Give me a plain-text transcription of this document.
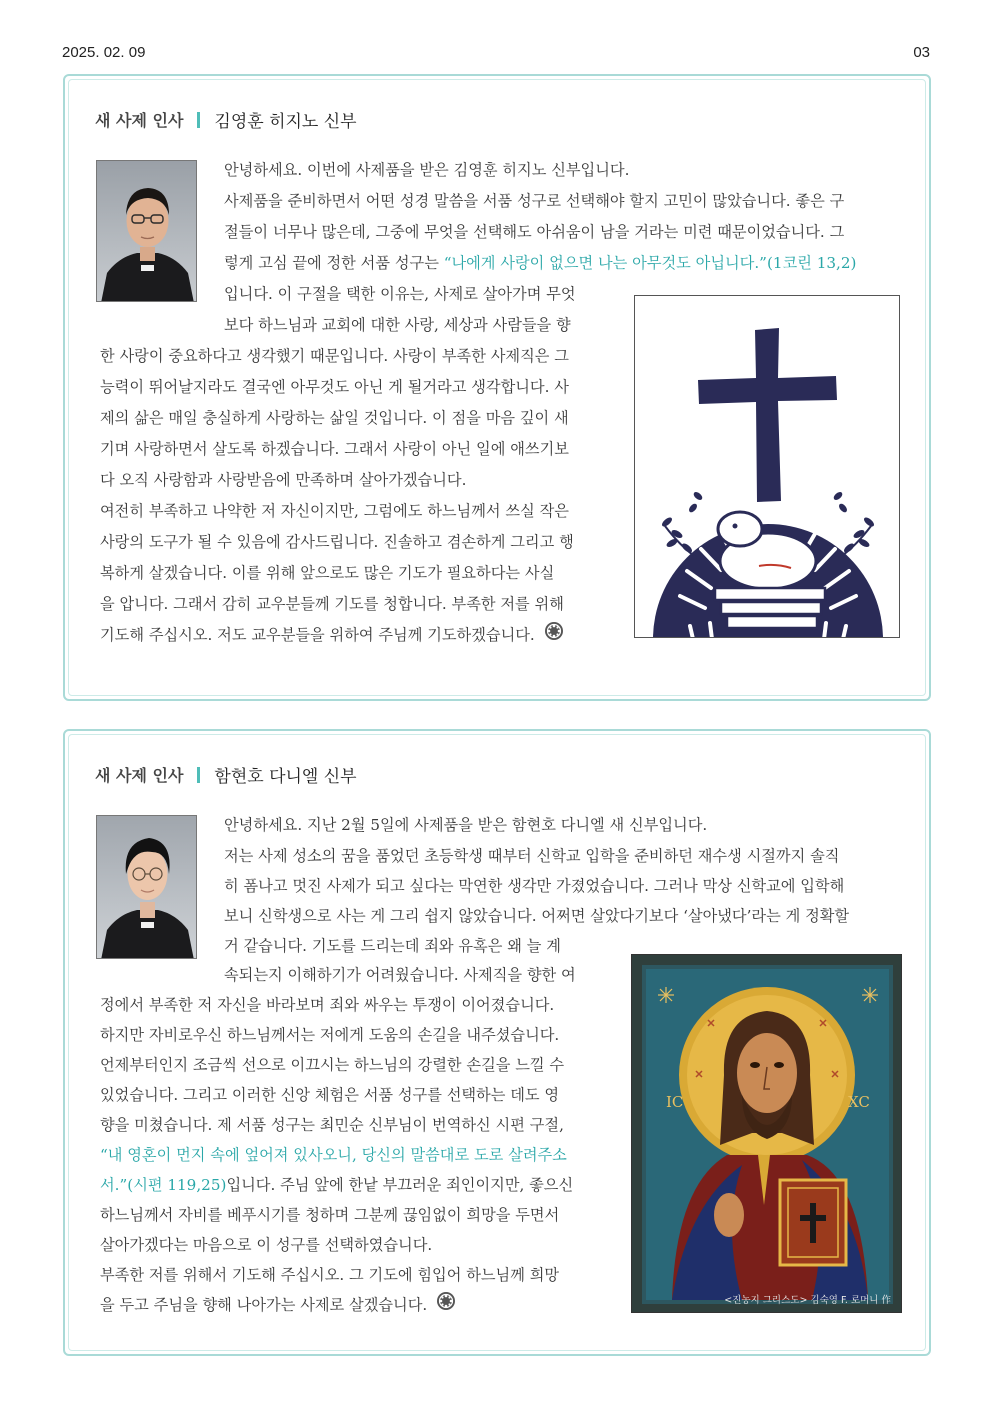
2025. 02. 09	03
새 사제 인사 김영훈 히지노 신부
안녕하세요. 이번에 사제품을 받은 김영훈 히지노 신부입니다.
사제품을 준비하면서 어떤 성경 말씀을 서품 성구로 선택해야 할지 고민이 많았습니다. 좋은 구
절들이 너무나 많은데, 그중에 무엇을 선택해도 아쉬움이 남을 거라는 미련 때문이었습니다. 그
렇게 고심 끝에 정한 서품 성구는 “나에게 사랑이 없으면 나는 아무것도 아닙니다.”(1코린 13,2)
입니다. 이 구절을 택한 이유는, 사제로 살아가며 무엇
보다 하느님과 교회에 대한 사랑, 세상과 사람들을 향
한 사랑이 중요하다고 생각했기 때문입니다. 사랑이 부족한 사제직은 그
능력이 뛰어날지라도 결국엔 아무것도 아닌 게 될거라고 생각합니다. 사
제의 삶은 매일 충실하게 사랑하는 삶일 것입니다. 이 점을 마음 깊이 새
기며 사랑하면서 살도록 하겠습니다. 그래서 사랑이 아닌 일에 애쓰기보
다 오직 사랑함과 사랑받음에 만족하며 살아가겠습니다.
여전히 부족하고 나약한 저 자신이지만, 그럼에도 하느님께서 쓰실 작은
사랑의 도구가 될 수 있음에 감사드립니다. 진솔하고 겸손하게 그리고 행
복하게 살겠습니다. 이를 위해 앞으로도 많은 기도가 필요하다는 사실
을 압니다. 그래서 감히 교우분들께 기도를 청합니다. 부족한 저를 위해
기도해 주십시오. 저도 교우분들을 위하여 주님께 기도하겠습니다.
새 사제 인사 함현호 다니엘 신부
IC	XC
<진농지 그리스도> 김숙영 F. 로머니 作
안녕하세요. 지난 2월 5일에 사제품을 받은 함현호 다니엘 새 신부입니다.
저는 사제 성소의 꿈을 품었던 초등학생 때부터 신학교 입학을 준비하던 재수생 시절까지 솔직
히 폼나고 멋진 사제가 되고 싶다는 막연한 생각만 가졌었습니다. 그러나 막상 신학교에 입학해
보니 신학생으로 사는 게 그리 쉽지 않았습니다. 어쩌면 살았다기보다 ‘살아냈다’라는 게 정확할
거 같습니다. 기도를 드리는데 죄와 유혹은 왜 늘 계
속되는지 이해하기가 어려웠습니다. 사제직을 향한 여
정에서 부족한 저 자신을 바라보며 죄와 싸우는 투쟁이 이어졌습니다.
하지만 자비로우신 하느님께서는 저에게 도움의 손길을 내주셨습니다.
언제부터인지 조금씩 선으로 이끄시는 하느님의 강렬한 손길을 느낄 수
있었습니다. 그리고 이러한 신앙 체험은 서품 성구를 선택하는 데도 영
향을 미쳤습니다. 제 서품 성구는 최민순 신부님이 번역하신 시편 구절,
“내 영혼이 먼지 속에 엎어져 있사오니, 당신의 말씀대로 도로 살려주소
서.”(시편 119,25)입니다. 주님 앞에 한낱 부끄러운 죄인이지만, 좋으신
하느님께서 자비를 베푸시기를 청하며 그분께 끊임없이 희망을 두면서
살아가겠다는 마음으로 이 성구를 선택하였습니다.
부족한 저를 위해서 기도해 주십시오. 그 기도에 힘입어 하느님께 희망
을 두고 주님을 향해 나아가는 사제로 살겠습니다.
